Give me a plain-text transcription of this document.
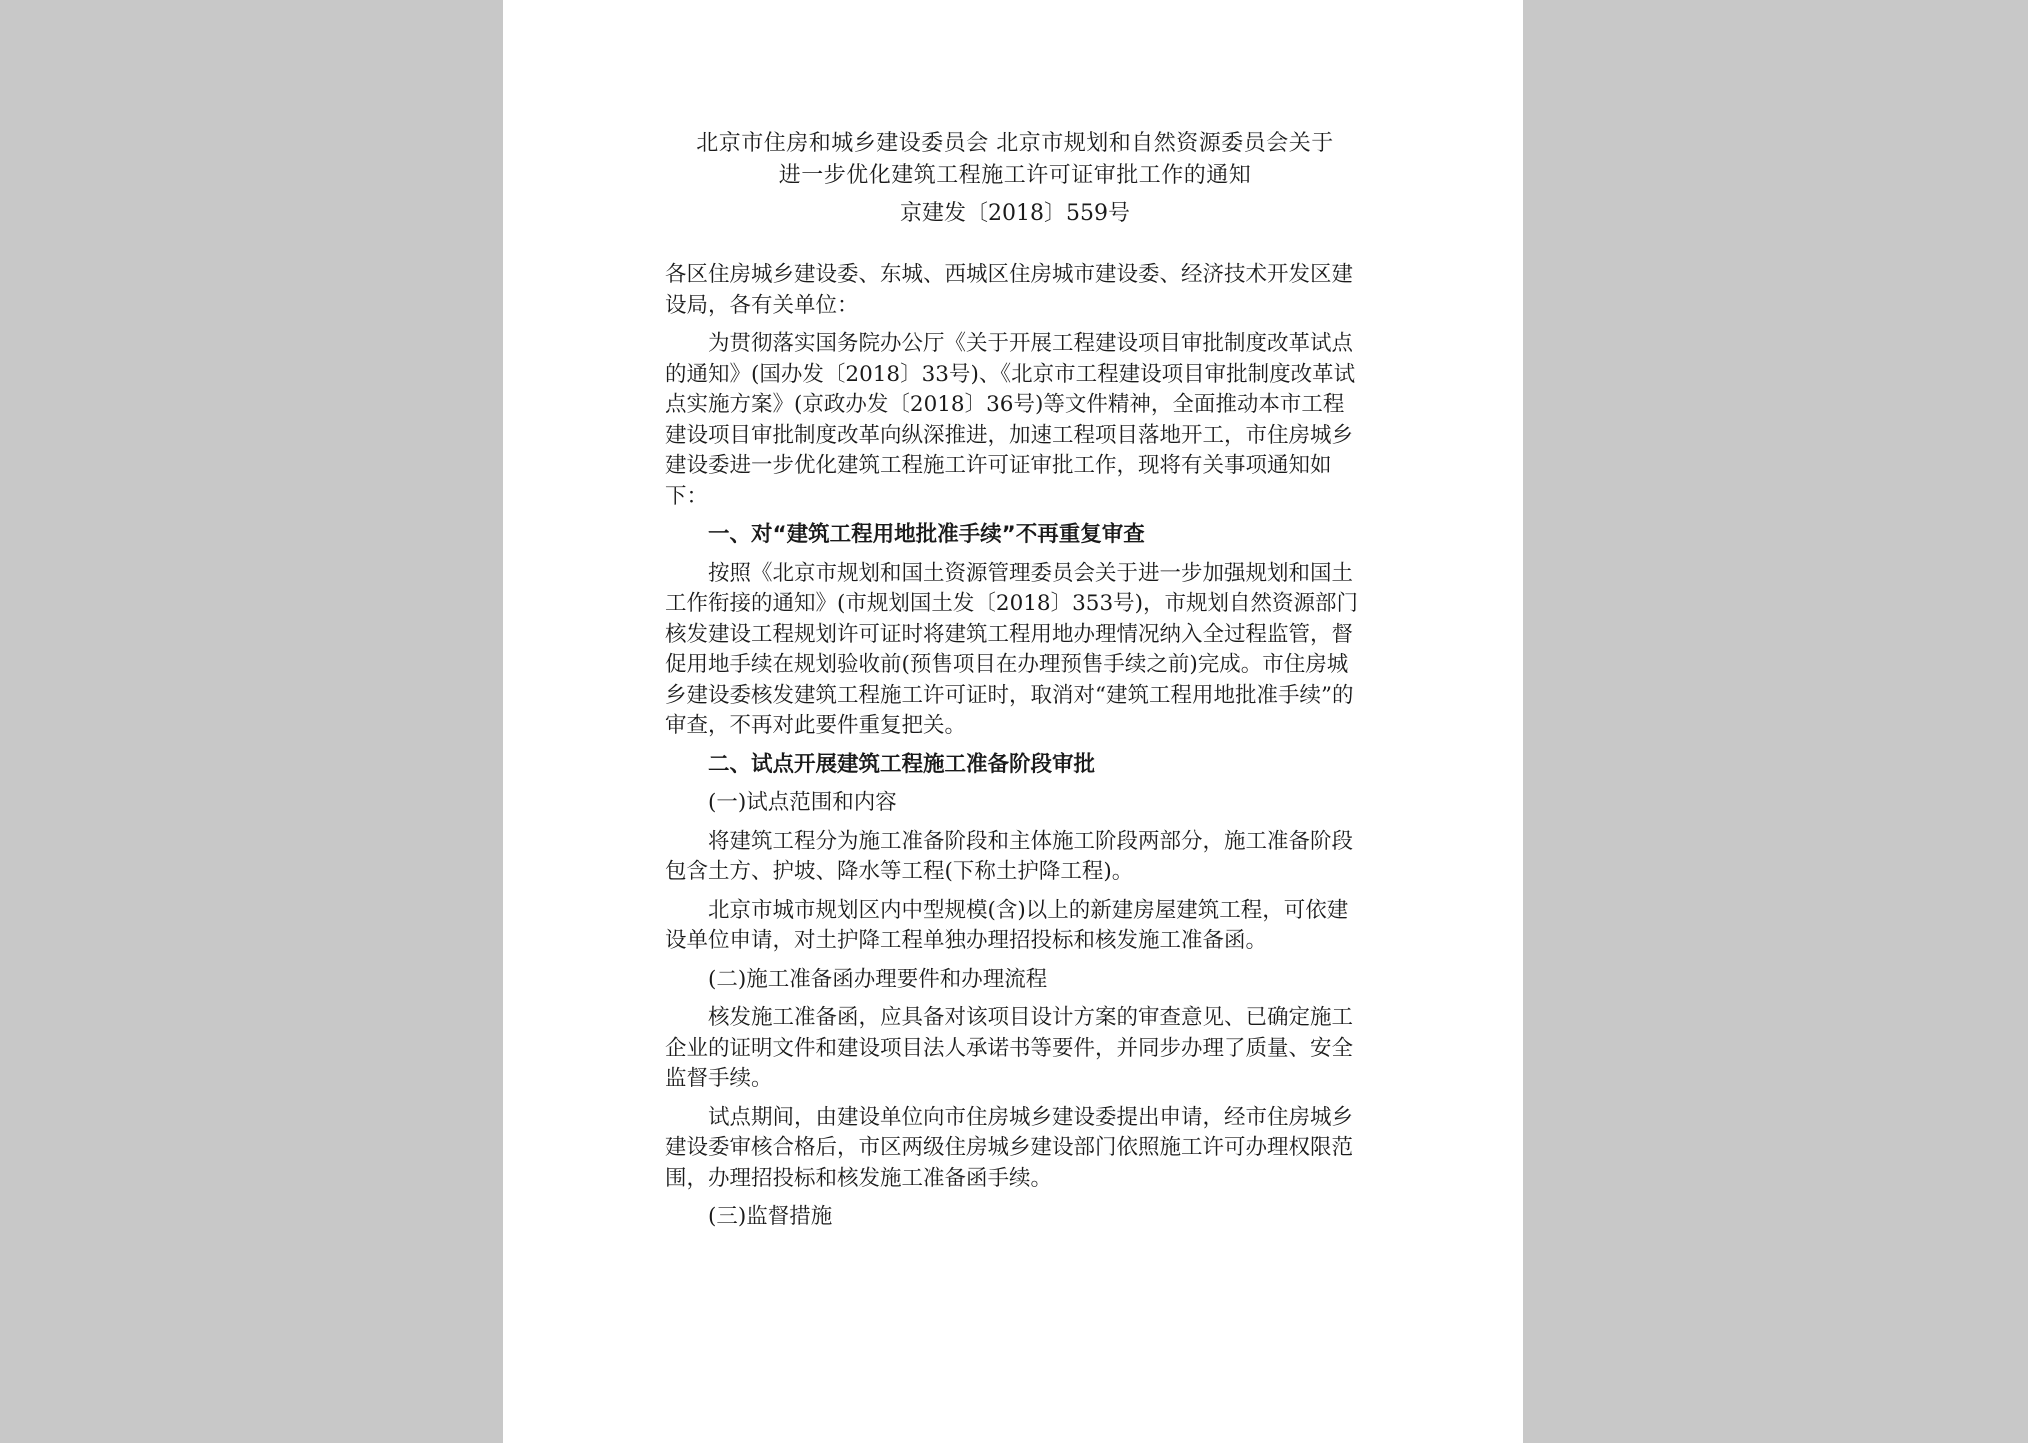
北京市住房和城乡建设委员会 北京市规划和自然资源委员会关于

进一步优化建筑工程施工许可证审批工作的通知

京建发〔2018〕559号

各区住房城乡建设委、东城、西城区住房城市建设委、经济技术开发区建设局，各有关单位：

为贯彻落实国务院办公厅《关于开展工程建设项目审批制度改革试点的通知》(国办发〔2018〕33号)、《北京市工程建设项目审批制度改革试点实施方案》(京政办发〔2018〕36号)等文件精神，全面推动本市工程建设项目审批制度改革向纵深推进，加速工程项目落地开工，市住房城乡建设委进一步优化建筑工程施工许可证审批工作，现将有关事项通知如下：

一、对“建筑工程用地批准手续”不再重复审查

按照《北京市规划和国土资源管理委员会关于进一步加强规划和国土工作衔接的通知》(市规划国土发〔2018〕353号)，市规划自然资源部门核发建设工程规划许可证时将建筑工程用地办理情况纳入全过程监管，督促用地手续在规划验收前(预售项目在办理预售手续之前)完成。市住房城乡建设委核发建筑工程施工许可证时，取消对“建筑工程用地批准手续”的审查，不再对此要件重复把关。

二、试点开展建筑工程施工准备阶段审批

(一)试点范围和内容

将建筑工程分为施工准备阶段和主体施工阶段两部分，施工准备阶段包含土方、护坡、降水等工程(下称土护降工程)。

北京市城市规划区内中型规模(含)以上的新建房屋建筑工程，可依建设单位申请，对土护降工程单独办理招投标和核发施工准备函。

(二)施工准备函办理要件和办理流程

核发施工准备函，应具备对该项目设计方案的审查意见、已确定施工企业的证明文件和建设项目法人承诺书等要件，并同步办理了质量、安全监督手续。

试点期间，由建设单位向市住房城乡建设委提出申请，经市住房城乡建设委审核合格后，市区两级住房城乡建设部门依照施工许可办理权限范围，办理招投标和核发施工准备函手续。

(三)监督措施
